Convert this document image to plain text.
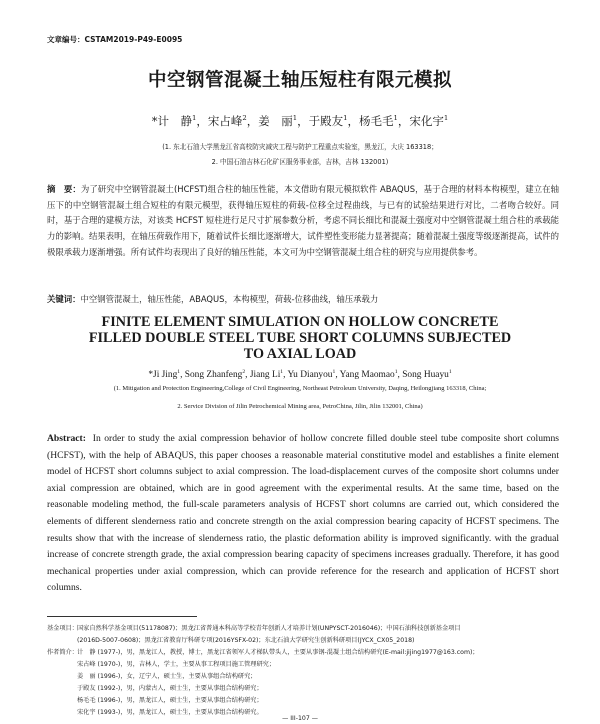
文章编号：CSTAM2019-P49-E0095
中空钢管混凝土轴压短柱有限元模拟
*计　静$^1$，宋占峰$^2$，姜　丽$^1$，于殿友$^1$，杨毛毛$^1$，宋化宇$^1$
(1. 东北石油大学黑龙江省高校防灾减灾工程与防护工程重点实验室，黑龙江，大庆 163318；
2. 中国石油吉林石化矿区服务事业部，吉林，吉林 132001)
摘　要：为了研究中空钢管混凝土(HCFST)组合柱的轴压性能，本文借助有限元模拟软件 ABAQUS，基于合理的材料本构模型，建立在轴压下的中空钢管混凝土组合短柱的有限元模型，获得轴压短柱的荷载-位移全过程曲线，与已有的试验结果进行对比，二者吻合较好。同时，基于合理的建模方法，对该类 HCFST 短柱进行足尺寸扩展参数分析，考虑不同长细比和混凝土强度对中空钢管混凝土组合柱的承载能力的影响。结果表明，在轴压荷载作用下，随着试件长细比逐渐增大，试件塑性变形能力显著提高；随着混凝土强度等级逐渐提高，试件的极限承载力逐渐增强。所有试件均表现出了良好的轴压性能，本文可为中空钢管混凝土组合柱的研究与应用提供参考。
关键词：中空钢管混凝土，轴压性能，ABAQUS，本构模型，荷载-位移曲线，轴压承载力
FINITE ELEMENT SIMULATION ON HOLLOW CONCRETE
FILLED DOUBLE STEEL TUBE SHORT COLUMNS SUBJECTED
TO AXIAL LOAD
*Ji Jing$^1$, Song Zhanfeng$^2$, Jiang Li$^1$, Yu Dianyou$^1$, Yang Maomao$^1$, Song Huayu$^1$
(1. Mitigation and Protection Engineering,College of Civil Engineering, Northeast Petroleum University, Daqing, Heilongjiang 163318, China;
2. Service Division of Jilin Petrochemical Mining area, PetroChina, Jilin, Jilin 132001, China)
Abstract: In order to study the axial compression behavior of hollow concrete filled double steel tube composite short columns (HCFST), with the help of ABAQUS, this paper chooses a reasonable material constitutive model and establishes a finite element model of HCFST short columns subject to axial compression. The load-displacement curves of the composite short columns under axial compression are obtained, which are in good agreement with the experimental results. At the same time, based on the reasonable modeling method, the full-scale parameters analysis of HCFST short columns are carried out, which considered the elements of different slenderness ratio and concrete strength on the axial compression bearing capacity of HCFST specimens. The results show that with the increase of slenderness ratio, the plastic deformation ability is improved significantly. with the gradual increase of concrete strength grade, the axial compression bearing capacity of specimens increases gradually. Therefore, it has good mechanical properties under axial compression, which can provide reference for the research and application of HCFST short columns.
基金项目： 国家自然科学基金项目(51178087)；黑龙江省普通本科高等学校青年创新人才培养计划(UNPYSCT-2016046)；中国石油科技创新基金项目
(2016D-5007-0608)；黑龙江省教育厅科研专项(2016YSFX-02)；东北石油大学研究生创新科研项目(JYCX_CX05_2018)
作者简介： 计　静 (1977-)，男，黑龙江人，教授，博士，黑龙江省领军人才梯队带头人，主要从事钢-混凝土组合结构研究(E-mail:jijing1977@163.com)；
宋占峰 (1970-)，男，吉林人，学士，主要从事工程项目施工管理研究；
姜　丽 (1996-)，女，辽宁人，硕士生，主要从事组合结构研究；
于殿友 (1992-)，男，内蒙古人，硕士生，主要从事组合结构研究；
杨毛毛 (1996-)，男，黑龙江人，硕士生，主要从事组合结构研究；
宋化宇 (1993-)，男，黑龙江人，硕士生，主要从事组合结构研究。
— III-107 —
